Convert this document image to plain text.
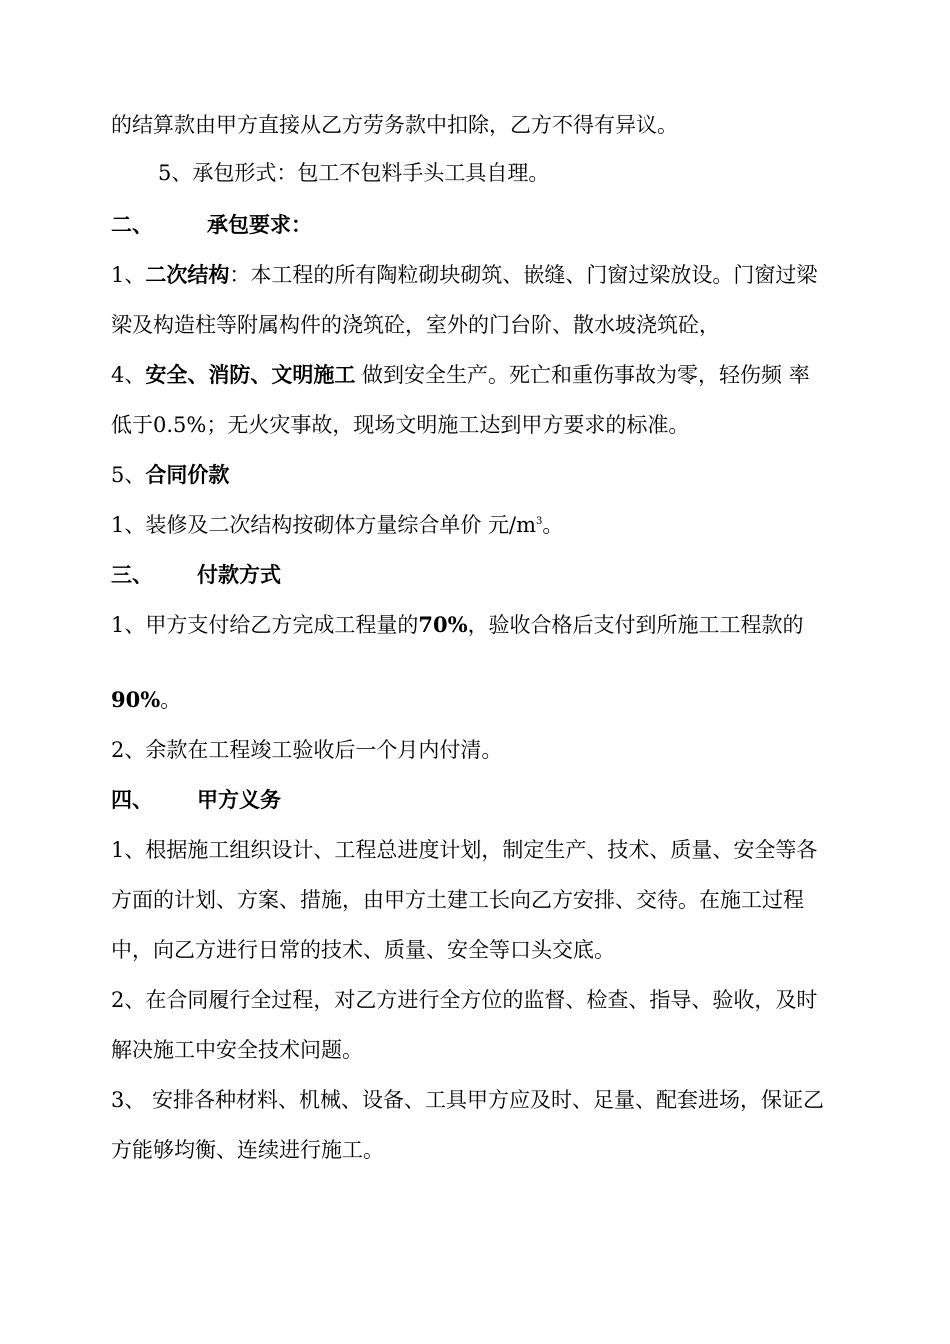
的结算款由甲方直接从乙方劳务款中扣除，乙方不得有异议。
5、承包形式：包工不包料手头工具自理。
二、	承包要求：
1、二次结构：本工程的所有陶粒砌块砌筑、嵌缝、门窗过梁放设。门窗过梁
梁及构造柱等附属构件的浇筑砼，室外的门台阶、散水坡浇筑砼，
4、安全、消防、文明施工 做到安全生产。死亡和重伤事故为零，轻伤频 率
低于0.5%；无火灾事故，现场文明施工达到甲方要求的标准。
5、合同价款
1、装修及二次结构按砌体方量综合单价 元$/m^3$。
三、 付款方式
1、甲方支付给乙方完成工程量的70%，验收合格后支付到所施工工程款的
90%。
2、余款在工程竣工验收后一个月内付清。
四、 甲方义务
1、根据施工组织设计、工程总进度计划，制定生产、技术、质量、安全等各
方面的计划、方案、措施，由甲方土建工长向乙方安排、交待。在施工过程
中，向乙方进行日常的技术、质量、安全等口头交底。
2、在合同履行全过程，对乙方进行全方位的监督、检查、指导、验收，及时
解决施工中安全技术问题。
3、 安排各种材料、机械、设备、工具甲方应及时、足量、配套进场，保证乙
方能够均衡、连续进行施工。
